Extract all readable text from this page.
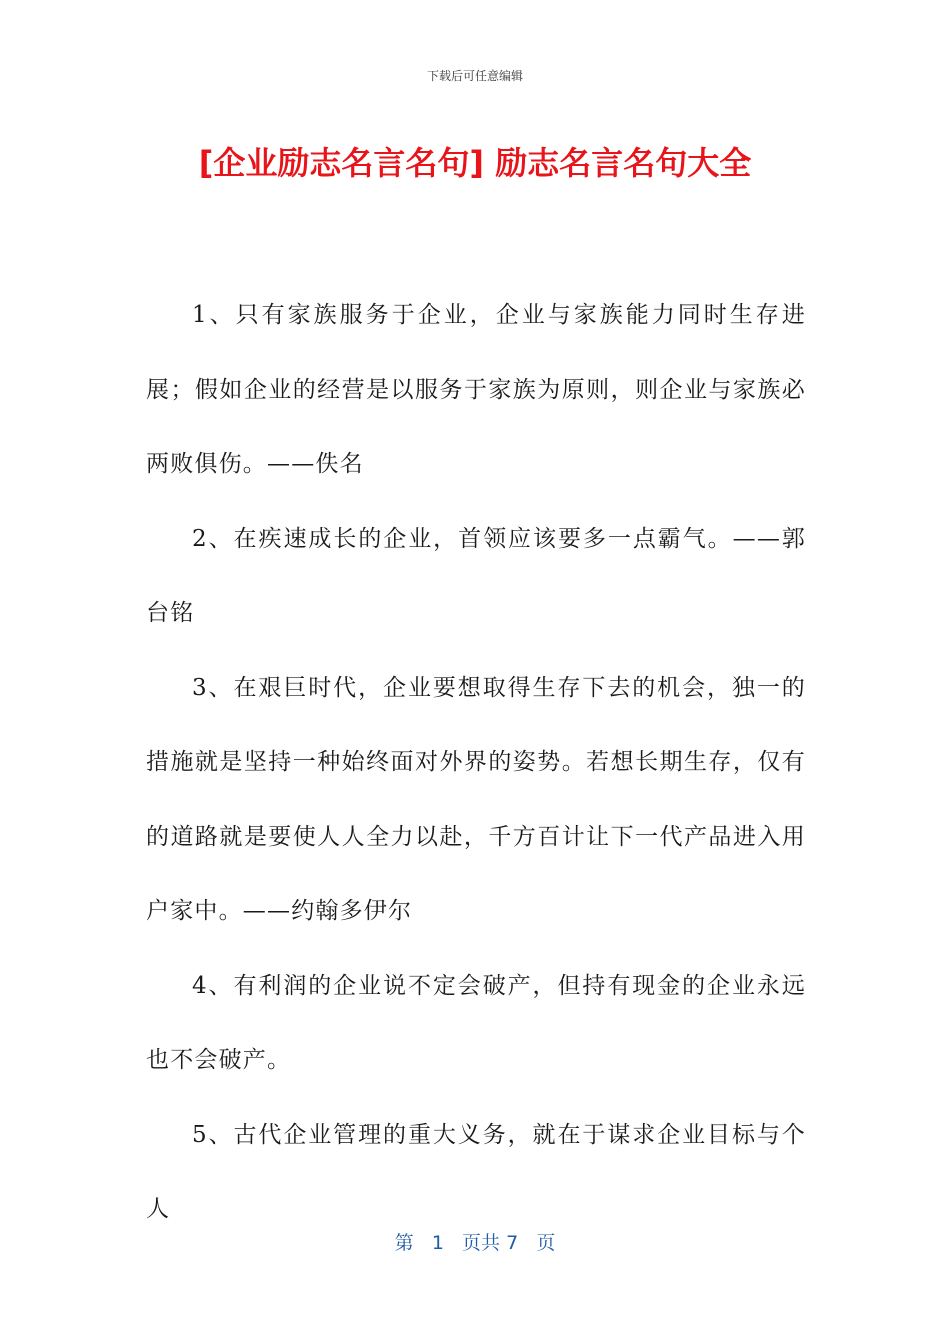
下载后可任意编辑
[企业励志名言名句] 励志名言名句大全

1、只有家族服务于企业，企业与家族能力同时生存进展；假如企业的经营是以服务于家族为原则，则企业与家族必两败俱伤。——佚名

2、在疾速成长的企业，首领应该要多一点霸气。——郭台铭

3、在艰巨时代，企业要想取得生存下去的机会，独一的措施就是坚持一种始终面对外界的姿势。若想长期生存，仅有的道路就是要使人人全力以赴，千方百计让下一代产品进入用户家中。——约翰多伊尔

4、有利润的企业说不定会破产，但持有现金的企业永远也不会破产。

5、古代企业管理的重大义务，就在于谋求企业目标与个人

第 1 页共 7 页
